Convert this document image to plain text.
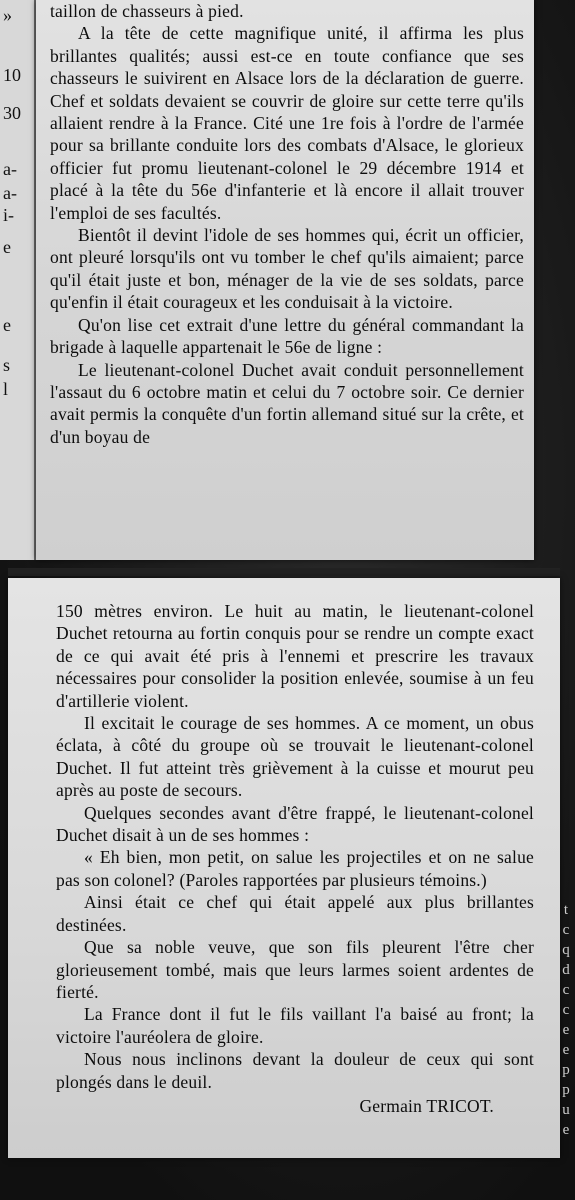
»
10
30
a-
a-
i-
e
e
s
l

taillon de chasseurs à pied.

A la tête de cette magnifique unité, il affirma les plus brillantes qualités; aussi est-ce en toute confiance que ses chasseurs le suivirent en Alsace lors de la déclaration de guerre. Chef et soldats devaient se couvrir de gloire sur cette terre qu'ils allaient rendre à la France. Cité une 1re fois à l'ordre de l'armée pour sa brillante conduite lors des combats d'Alsace, le glorieux officier fut promu lieutenant-colonel le 29 décembre 1914 et placé à la tête du 56e d'infanterie et là encore il allait trouver l'emploi de ses facultés.

Bientôt il devint l'idole de ses hommes qui, écrit un officier, ont pleuré lorsqu'ils ont vu tomber le chef qu'ils aimaient; parce qu'il était juste et bon, ménager de la vie de ses soldats, parce qu'enfin il était courageux et les conduisait à la victoire.

Qu'on lise cet extrait d'une lettre du général commandant la brigade à laquelle appartenait le 56e de ligne :

Le lieutenant-colonel Duchet avait conduit personnellement l'assaut du 6 octobre matin et celui du 7 octobre soir. Ce dernier avait permis la conquête d'un fortin allemand situé sur la crête, et d'un boyau de

150 mètres environ. Le huit au matin, le lieutenant-colonel Duchet retourna au fortin conquis pour se rendre un compte exact de ce qui avait été pris à l'ennemi et prescrire les travaux nécessaires pour consolider la position enlevée, soumise à un feu d'artillerie violent.

Il excitait le courage de ses hommes. A ce moment, un obus éclata, à côté du groupe où se trouvait le lieutenant-colonel Duchet. Il fut atteint très grièvement à la cuisse et mourut peu après au poste de secours.

Quelques secondes avant d'être frappé, le lieutenant-colonel Duchet disait à un de ses hommes :

« Eh bien, mon petit, on salue les projectiles et on ne salue pas son colonel? (Paroles rapportées par plusieurs témoins.)

Ainsi était ce chef qui était appelé aux plus brillantes destinées.

Que sa noble veuve, que son fils pleurent l'être cher glorieusement tombé, mais que leurs larmes soient ardentes de fierté.

La France dont il fut le fils vaillant l'a baisé au front; la victoire l'auréolera de gloire.

Nous nous inclinons devant la douleur de ceux qui sont plongés dans le deuil.

Germain TRICOT.

t
c
q
d
c
c
e
e
p
p
u
e
